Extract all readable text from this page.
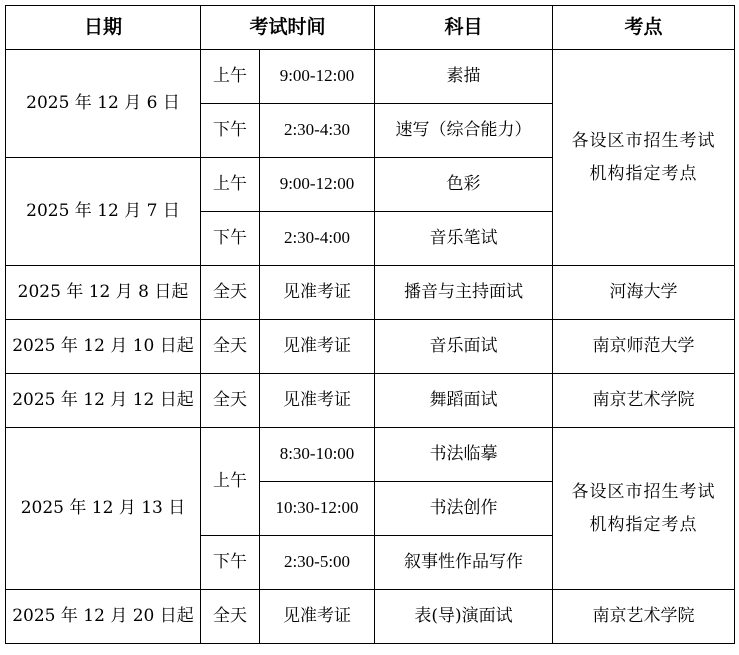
日期	考试时间		科目	考点
2025 年 12 月 6 日	上午	9:00-12:00	素描	各设区市招生考试机构指定考点
	下午	2:30-4:30	速写（综合能力）	
2025 年 12 月 7 日	上午	9:00-12:00	色彩	
	下午	2:30-4:00	音乐笔试	
2025 年 12 月 8 日起	全天	见准考证	播音与主持面试	河海大学
2025 年 12 月 10 日起	全天	见准考证	音乐面试	南京师范大学
2025 年 12 月 12 日起	全天	见准考证	舞蹈面试	南京艺术学院
2025 年 12 月 13 日	上午	8:30-10:00	书法临摹	各设区市招生考试机构指定考点
		10:30-12:00	书法创作	
	下午	2:30-5:00	叙事性作品写作	
2025 年 12 月 20 日起	全天	见准考证	表(导)演面试	南京艺术学院
